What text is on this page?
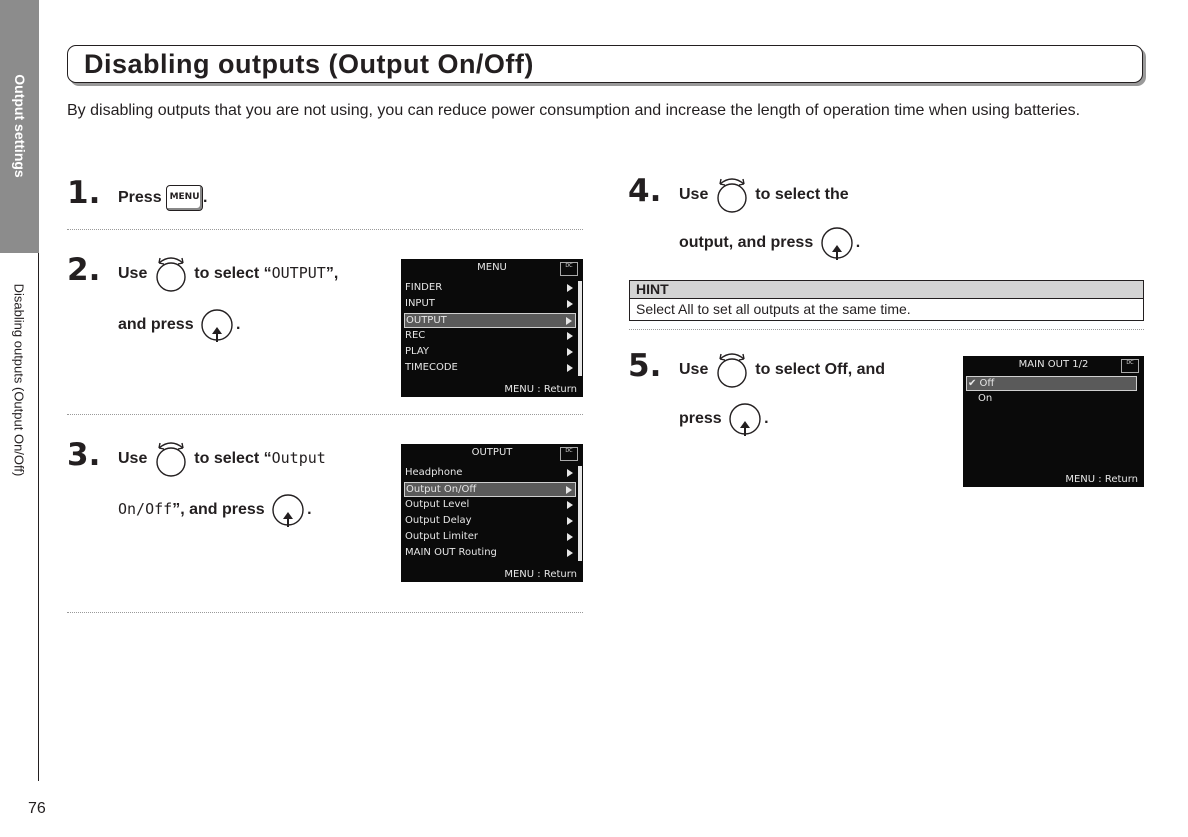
Output settings
Disabling outputs (Output On/Off)
76
Disabling outputs (Output On/Off)
By disabling outputs that you are not using, you can reduce power consumption and increase the length of operation time when using batteries.
1. Press MENU .
2. Use	to select “OUTPUT”,
and press	.
MENU	DC
FINDER
INPUT
OUTPUT
REC
PLAY
TIMECODE
MENU : Return
3. Use	to select “Output
On/Off”, and press	.
OUTPUT	DC
Headphone
Output On/Off
Output Level
Output Delay
Output Limiter
MAIN OUT Routing
MENU : Return
4. Use	to select the
output, and press	.
HINT
Select All to set all outputs at the same time.
5. Use	to select Off, and
press	.
MAIN OUT 1/2	DC
✔ Off
On
MENU : Return
